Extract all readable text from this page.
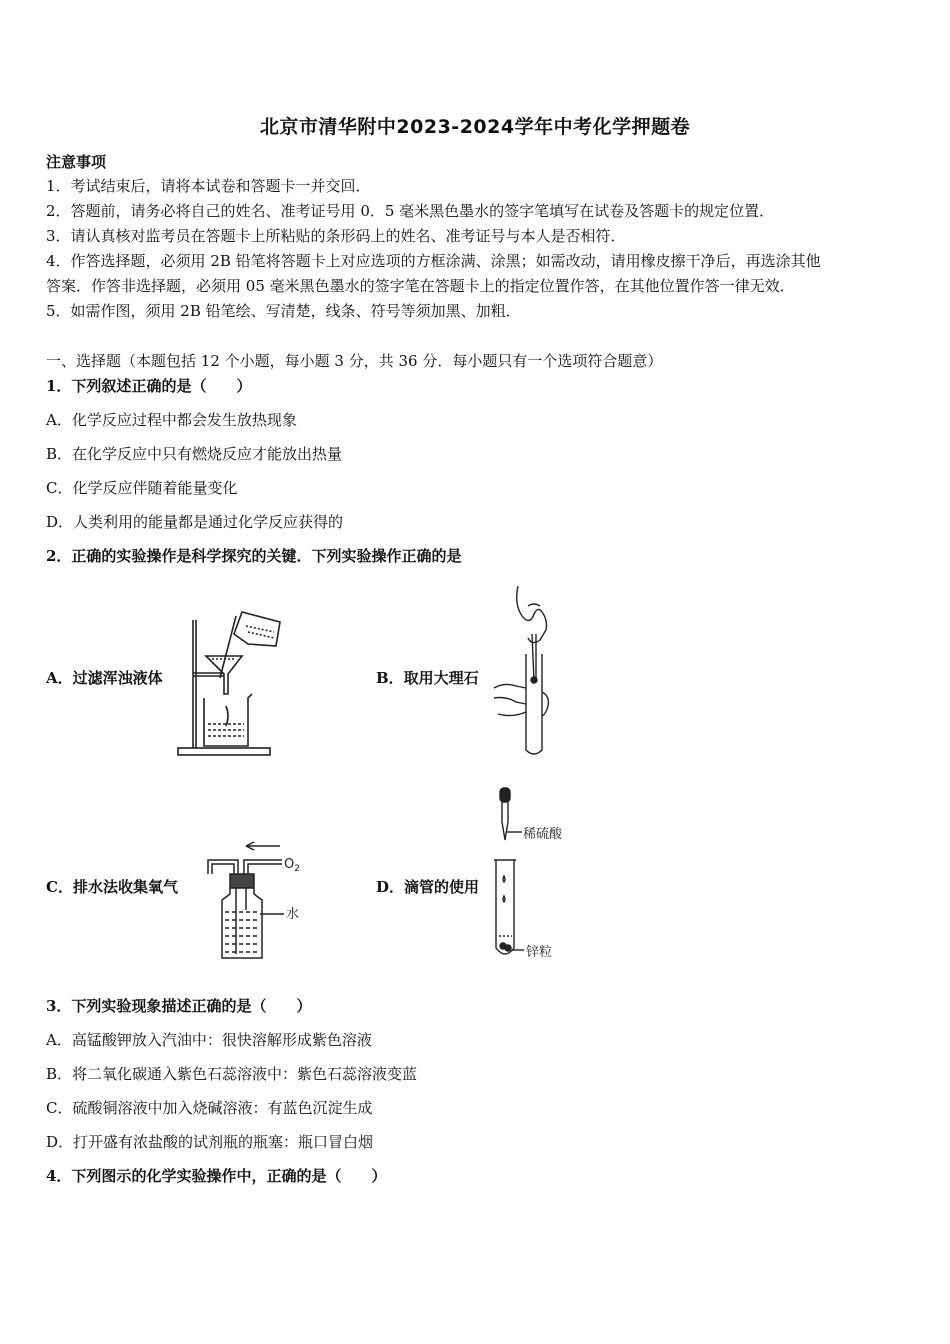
北京市清华附中2023-2024学年中考化学押题卷
注意事项
1．考试结束后，请将本试卷和答题卡一并交回．
2．答题前，请务必将自己的姓名、准考证号用 0．5 毫米黑色墨水的签字笔填写在试卷及答题卡的规定位置．
3．请认真核对监考员在答题卡上所粘贴的条形码上的姓名、准考证号与本人是否相符．
4．作答选择题，必须用 2B 铅笔将答题卡上对应选项的方框涂满、涂黑；如需改动，请用橡皮擦干净后，再选涂其他
答案．作答非选择题，必须用 05 毫米黑色墨水的签字笔在答题卡上的指定位置作答，在其他位置作答一律无效．
5．如需作图，须用 2B 铅笔绘、写清楚，线条、符号等须加黑、加粗．
一、选择题（本题包括 12 个小题，每小题 3 分，共 36 分．每小题只有一个选项符合题意）
1．下列叙述正确的是（　　）
A．化学反应过程中都会发生放热现象
B．在化学反应中只有燃烧反应才能放出热量
C．化学反应伴随着能量变化
D．人类利用的能量都是通过化学反应获得的
2．正确的实验操作是科学探究的关键．下列实验操作正确的是
A．过滤浑浊液体	B．取用大理石
C．排水法收集氧气
$O_2$
水
D．滴管的使用
稀硫酸
锌粒
3．下列实验现象描述正确的是（　　）
A．高锰酸钾放入汽油中：很快溶解形成紫色溶液
B．将二氧化碳通入紫色石蕊溶液中：紫色石蕊溶液变蓝
C．硫酸铜溶液中加入烧碱溶液：有蓝色沉淀生成
D．打开盛有浓盐酸的试剂瓶的瓶塞：瓶口冒白烟
4．下列图示的化学实验操作中，正确的是（　　）
